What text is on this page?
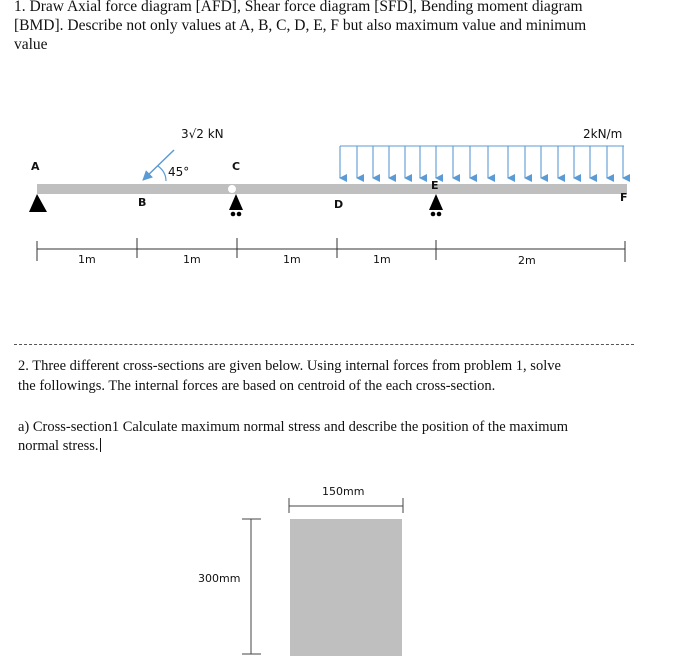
1. Draw Axial force diagram [AFD], Shear force diagram [SFD], Bending moment diagram
[BMD]. Describe not only values at A, B, C, D, E, F but also maximum value and minimum
value
A
B
C
D
E
F
3√2 kN
45°
2kN/m
1m	1m	1m	1m	2m
2. Three different cross-sections are given below. Using internal forces from problem 1, solve
the followings. The internal forces are based on centroid of the each cross-section.
a) Cross-section1 Calculate maximum normal stress and describe the position of the maximum
normal stress.
150mm
300mm
